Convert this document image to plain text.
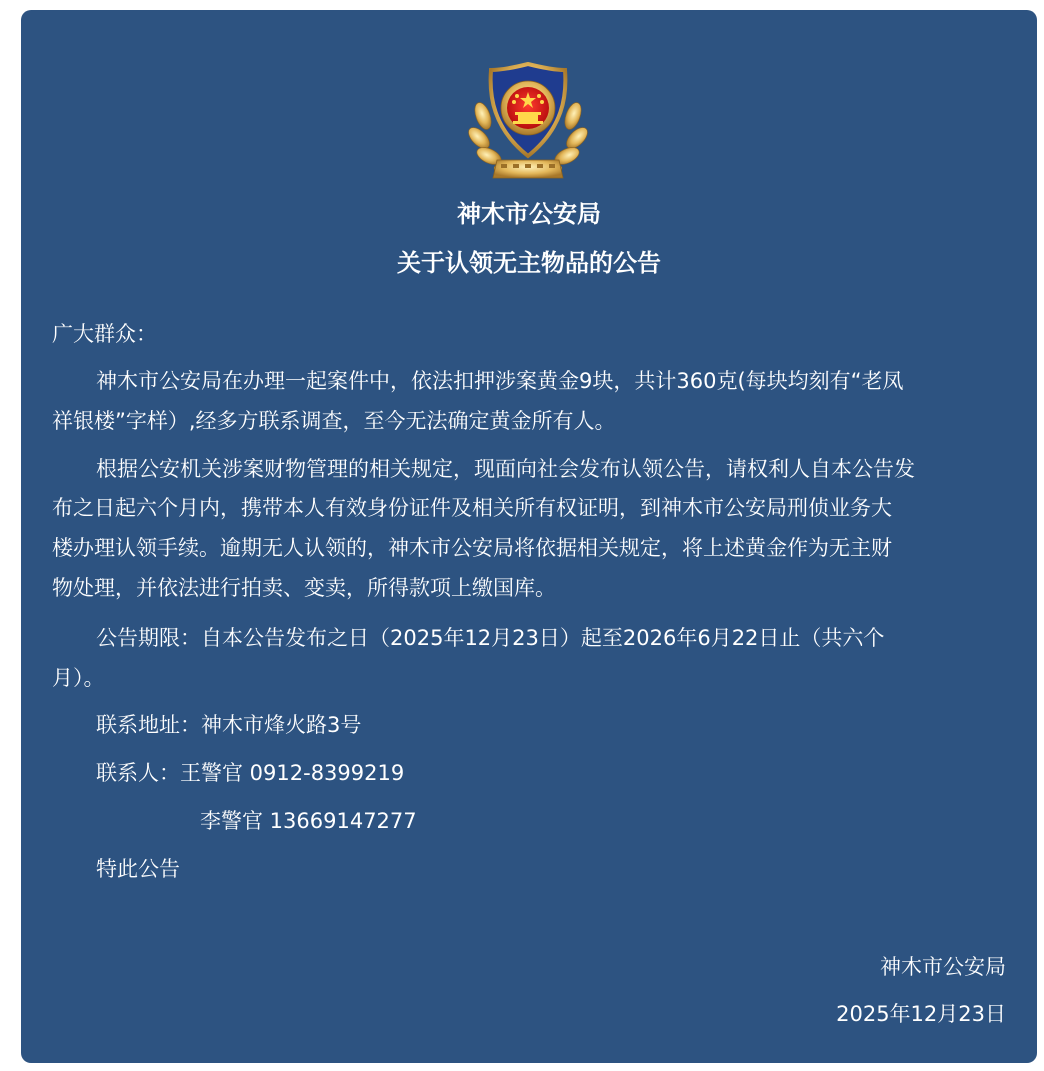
神木市公安局
关于认领无主物品的公告
广大群众：
神木市公安局在办理一起案件中，依法扣押涉案黄金9块，共计360克(每块均刻有“老凤
祥银楼”字样）,经多方联系调查，至今无法确定黄金所有人。
根据公安机关涉案财物管理的相关规定，现面向社会发布认领公告，请权利人自本公告发
布之日起六个月内，携带本人有效身份证件及相关所有权证明，到神木市公安局刑侦业务大
楼办理认领手续。逾期无人认领的，神木市公安局将依据相关规定，将上述黄金作为无主财
物处理，并依法进行拍卖、变卖，所得款项上缴国库。
公告期限：自本公告发布之日（2025年12月23日）起至2026年6月22日止（共六个
月）。
联系地址：神木市烽火路3号
联系人：王警官 0912-8399219
李警官 13669147277
特此公告
神木市公安局
2025年12月23日
